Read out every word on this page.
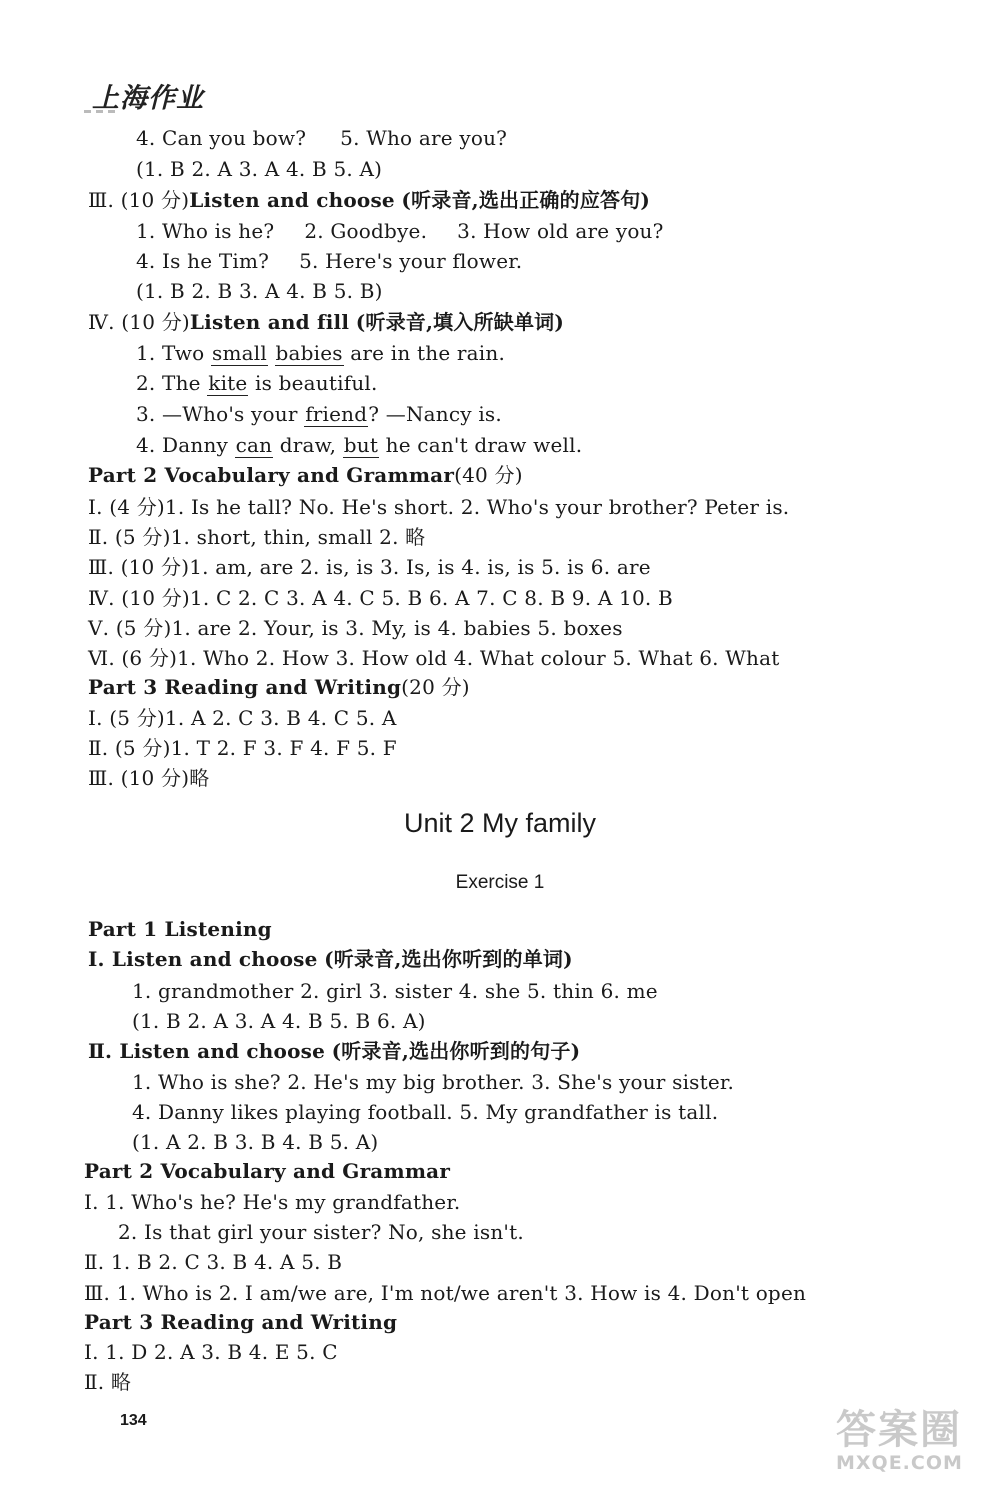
上海作业
4. Can you bow? 5. Who are you?
(1. B 2. A 3. A 4. B 5. A)
Ⅲ. (10 分)Listen and choose (听录音,选出正确的应答句)
1. Who is he? 2. Goodbye. 3. How old are you?
4. Is he Tim? 5. Here's your flower.
(1. B 2. B 3. A 4. B 5. B)
Ⅳ. (10 分)Listen and fill (听录音,填入所缺单词)
1. Two small babies are in the rain.
2. The kite is beautiful.
3. —Who's your friend? —Nancy is.
4. Danny can draw, but he can't draw well.
Part 2 Vocabulary and Grammar(40 分)
Ⅰ. (4 分)1. Is he tall? No. He's short. 2. Who's your brother? Peter is.
Ⅱ. (5 分)1. short, thin, small 2. 略
Ⅲ. (10 分)1. am, are 2. is, is 3. Is, is 4. is, is 5. is 6. are
Ⅳ. (10 分)1. C 2. C 3. A 4. C 5. B 6. A 7. C 8. B 9. A 10. B
Ⅴ. (5 分)1. are 2. Your, is 3. My, is 4. babies 5. boxes
Ⅵ. (6 分)1. Who 2. How 3. How old 4. What colour 5. What 6. What
Part 3 Reading and Writing(20 分)
Ⅰ. (5 分)1. A 2. C 3. B 4. C 5. A
Ⅱ. (5 分)1. T 2. F 3. F 4. F 5. F
Ⅲ. (10 分)略
Unit 2 My family
Exercise 1
Part 1 Listening
Ⅰ. Listen and choose (听录音,选出你听到的单词)
1. grandmother 2. girl 3. sister 4. she 5. thin 6. me
(1. B 2. A 3. A 4. B 5. B 6. A)
Ⅱ. Listen and choose (听录音,选出你听到的句子)
1. Who is she? 2. He's my big brother. 3. She's your sister.
4. Danny likes playing football. 5. My grandfather is tall.
(1. A 2. B 3. B 4. B 5. A)
Part 2 Vocabulary and Grammar
Ⅰ. 1. Who's he? He's my grandfather.
2. Is that girl your sister? No, she isn't.
Ⅱ. 1. B 2. C 3. B 4. A 5. B
Ⅲ. 1. Who is 2. I am/we are, I'm not/we aren't 3. How is 4. Don't open
Part 3 Reading and Writing
Ⅰ. 1. D 2. A 3. B 4. E 5. C
Ⅱ. 略
134	答案圈
MXQE.COM
